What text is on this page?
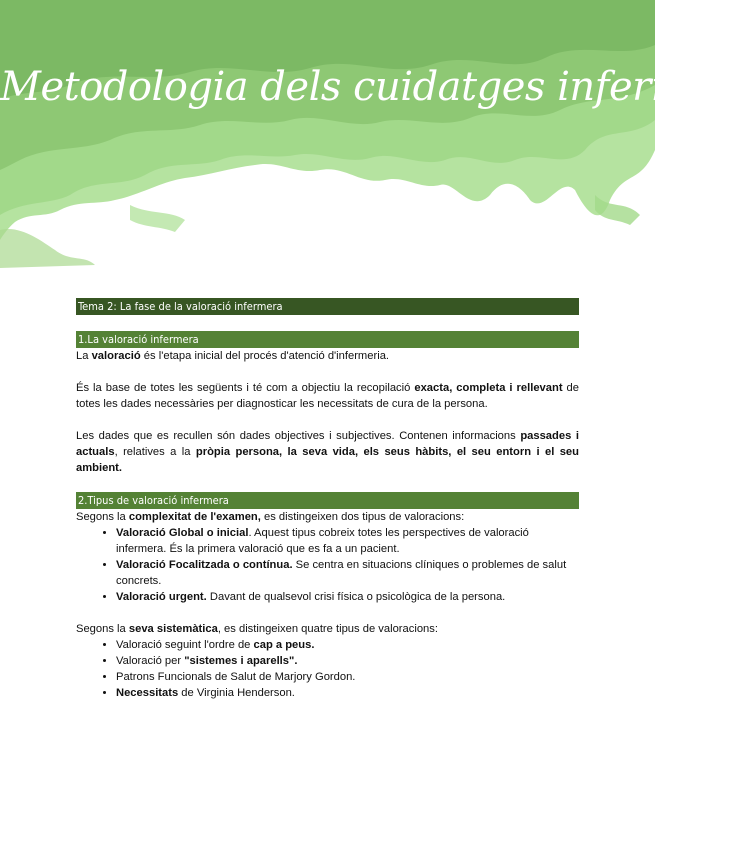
Metodologia dels cuidatges infermers
Tema 2: La fase de la valoració infermera
1.La valoració infermera

La valoració és l'etapa inicial del procés d'atenció d'infermeria.

És la base de totes les següents i té com a objectiu la recopilació exacta, completa i rellevant de totes les dades necessàries per diagnosticar les necessitats de cura de la persona.

Les dades que es recullen són dades objectives i subjectives. Contenen informacions passades i actuals, relatives a la pròpia persona, la seva vida, els seus hàbits, el seu entorn i el seu ambient.

2.Tipus de valoració infermera

Segons la complexitat de l'examen, es distingeixen dos tipus de valoracions:

• Valoració Global o inicial. Aquest tipus cobreix totes les perspectives de valoració infermera. És la primera valoració que es fa a un pacient.
• Valoració Focalitzada o contínua. Se centra en situacions clíniques o problemes de salut concrets.
• Valoració urgent. Davant de qualsevol crisi física o psicològica de la persona.

Segons la seva sistemàtica, es distingeixen quatre tipus de valoracions:

• Valoració seguint l'ordre de cap a peus.
• Valoració per "sistemes i aparells".
• Patrons Funcionals de Salut de Marjory Gordon.
• Necessitats de Virginia Henderson.
